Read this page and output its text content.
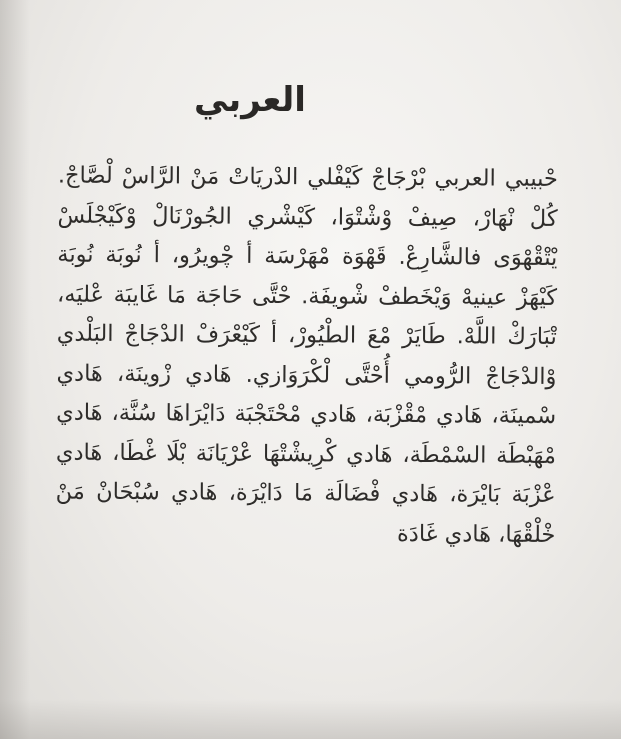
العربي
حْبيبي العربي بْرْجَاجْ كَيْفْلي الدْريَاتْ مَنْ الرَّاسْ لْصَّاجْ. كُلْ نْهَارْ، صِيفْ وْشْتْوَا، كَيْشْري الجُورْنَالْ وْكَيْجْلَسْ يْتْقْهْوَى فالشَّارِعْ. قَهْوَة مْهَرْسَة أ چْويرُو، أ نُوبَة نُوبَة كَيْهَزْ عينيهْ وَيْخَطفْ شْويفَة. حْتَّى حَاجَة مَا غَايبَة عْليَه، تْبَارَكْ اللَّهْ. طَايَرْ مْعَ الطْيُورْ، أ كَيْعْرَفْ الدْجَاجْ البَلْدي وْالدْجَاجْ الرُّومي أُحْتَّى لْكْرَوَازي. هَادي زْوينَة، هَادي سْمينَة، هَادي مْقْزْبَة، هَادي مْحْتَجْبَة دَايْرَاهَا سُنَّة، هَادي مْهَبْطَة السْمْطَة، هَادي كْرِيشْتْهَا عْرْيَانَة بْلَا غْطَا، هَادي عْزْبَة بَايْرَة، هَادي فْضَالَة مَا دَايْرَة، هَادي سُبْحَانْ مَنْ خْلْقْهَا، هَادي غَادَة
